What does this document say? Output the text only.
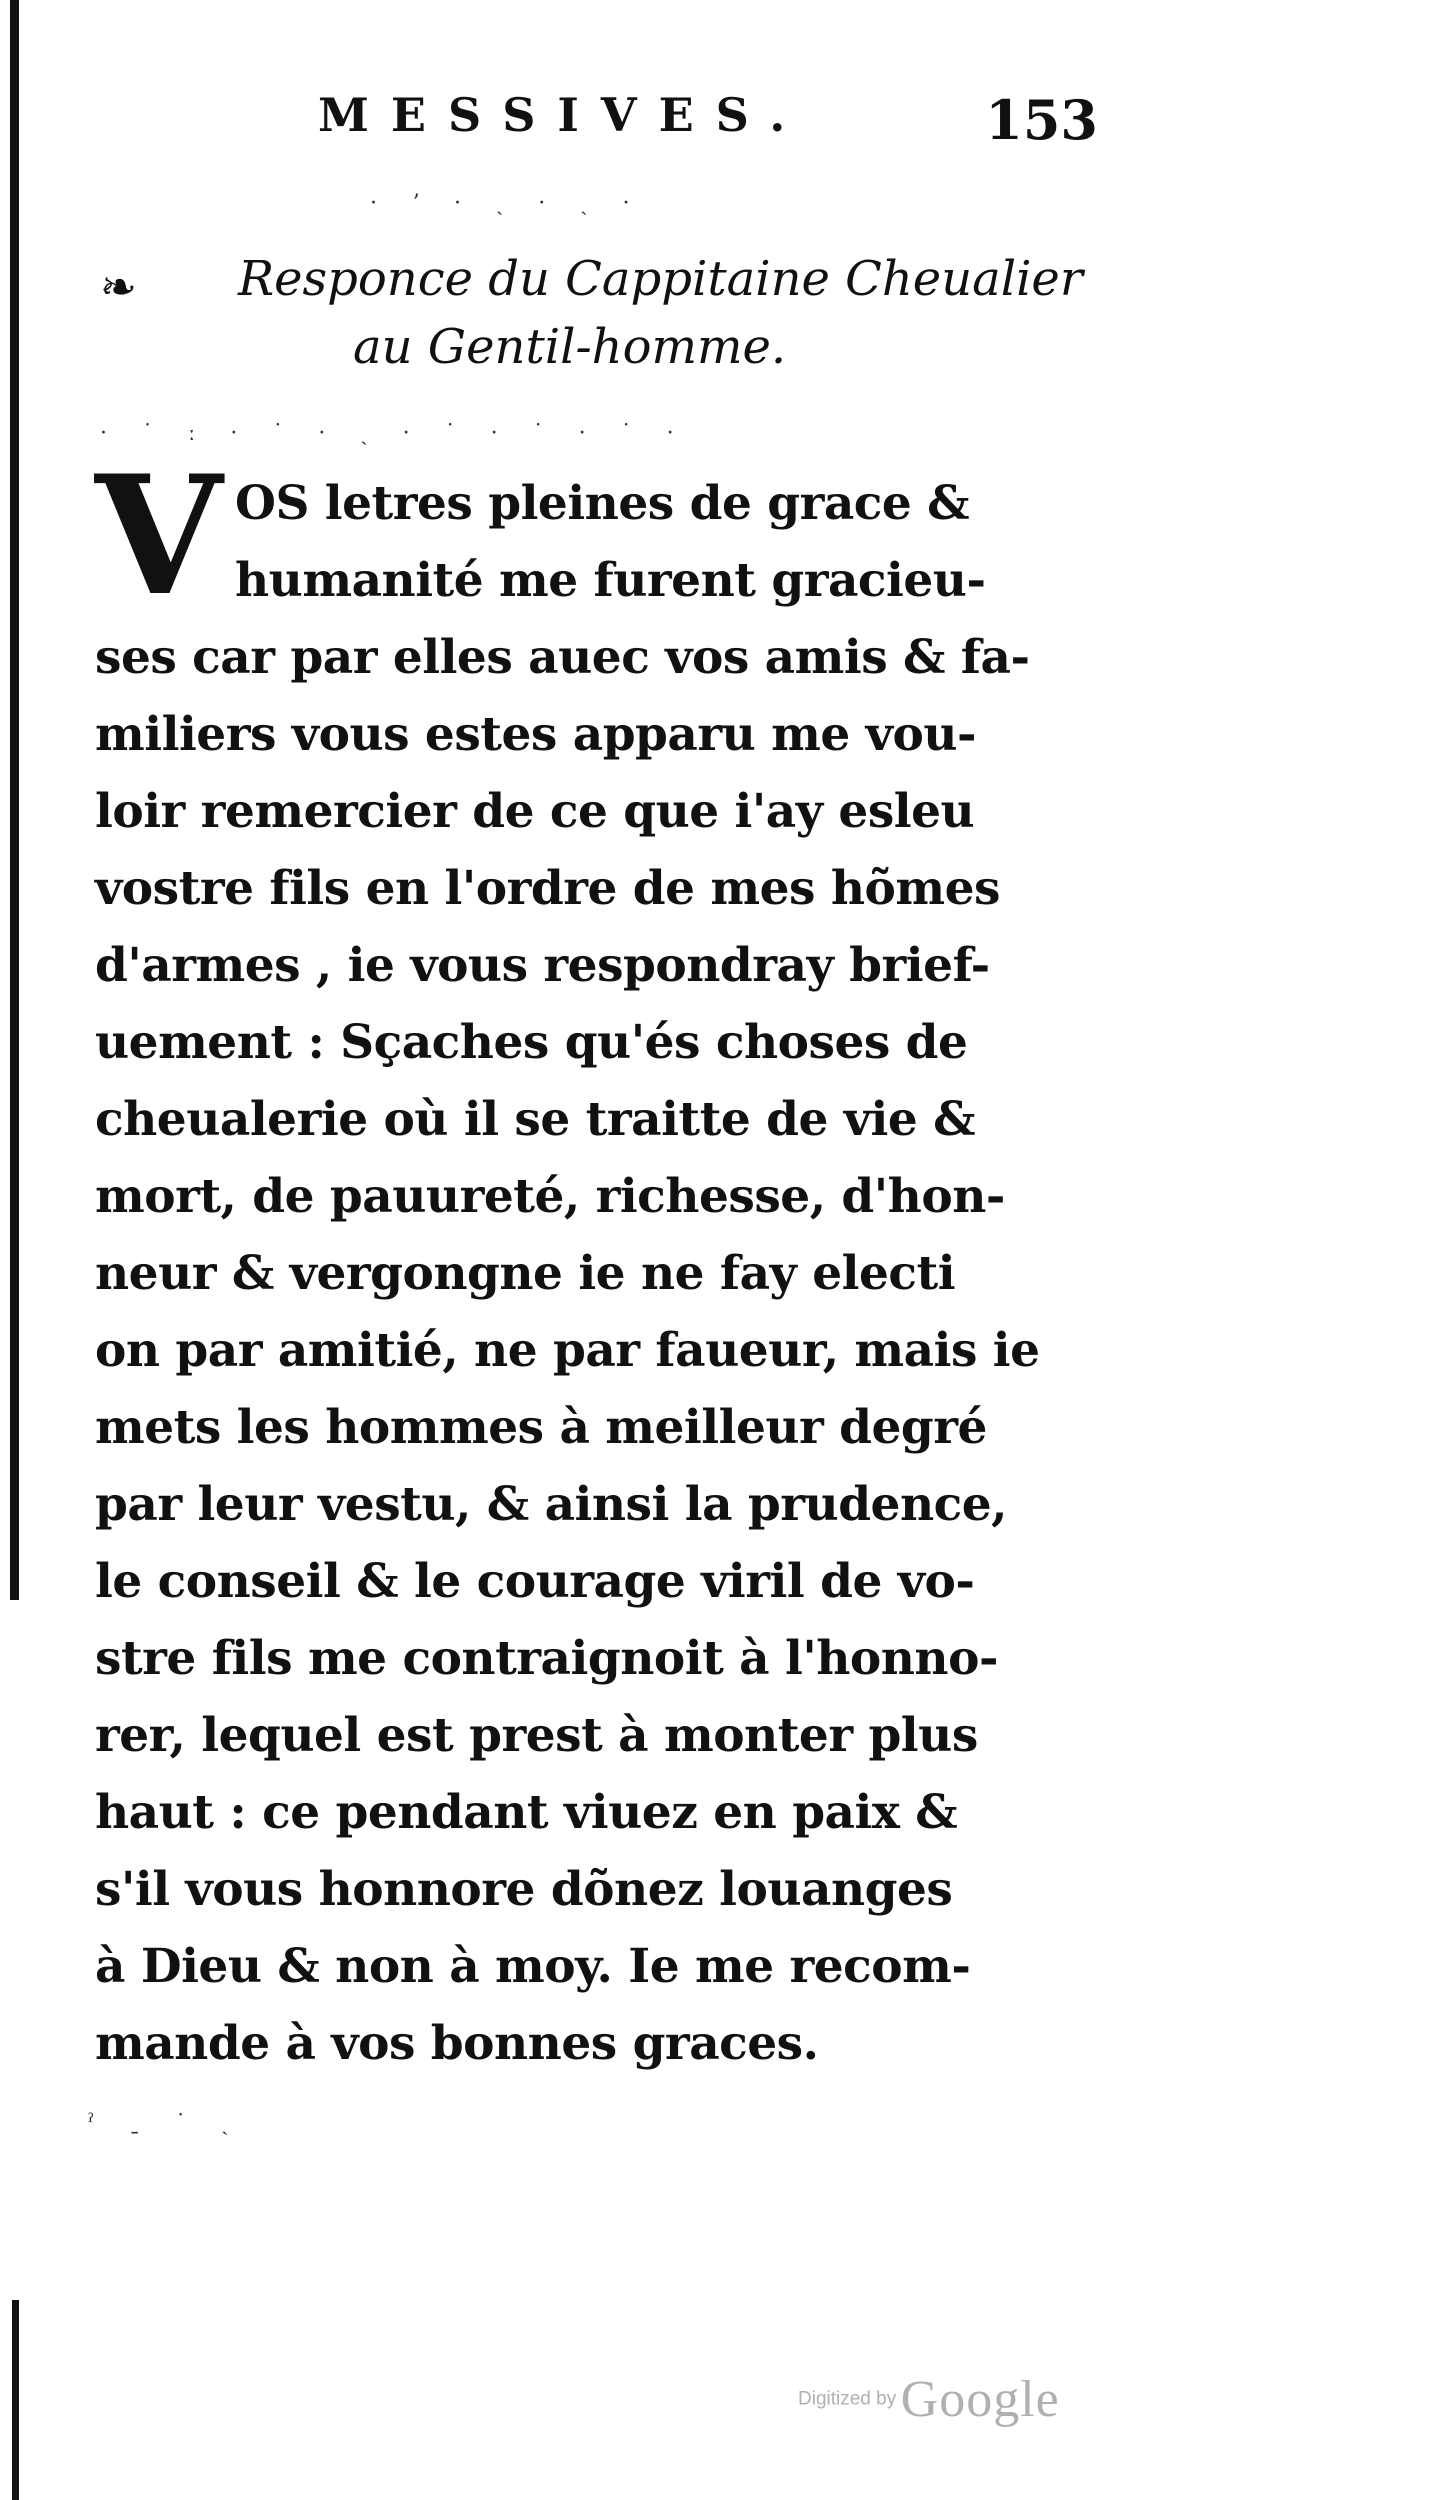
MESSIVES.	153
· ʼ · ˎ · ˏ ·
❧ Responce du Cappitaine Cheualier
au Gentil-homme.
· ˙ ː · ˙ · ˏ · ˙ · ˙ · ˙ ·
V OS letres pleines de grace &
humanité me furent gracieu-
ses car par elles auec vos amis & fa-
miliers vous estes apparu me vou-
loir remercier de ce que i'ay esleu
vostre fils en l'ordre de mes hõmes
d'armes , ie vous respondray brief-
uement : Sçaches qu'és choses de
cheualerie où il se traitte de vie &
mort, de pauureté, richesse, d'hon-
neur & vergongne ie ne fay electi
on par amitié, ne par faueur, mais ie
mets les hommes à meilleur degré
par leur vestu, & ainsi la prudence,
le conseil & le courage viril de vo-
stre fils me contraignoit à l'honno-
rer, lequel est prest à monter plus
haut : ce pendant viuez en paix &
s'il vous honnore dõnez louanges
à Dieu & non à moy. Ie me recom-
mande à vos bonnes graces.
ˀ ˍ ˙ ˏ
Digitized by Google
